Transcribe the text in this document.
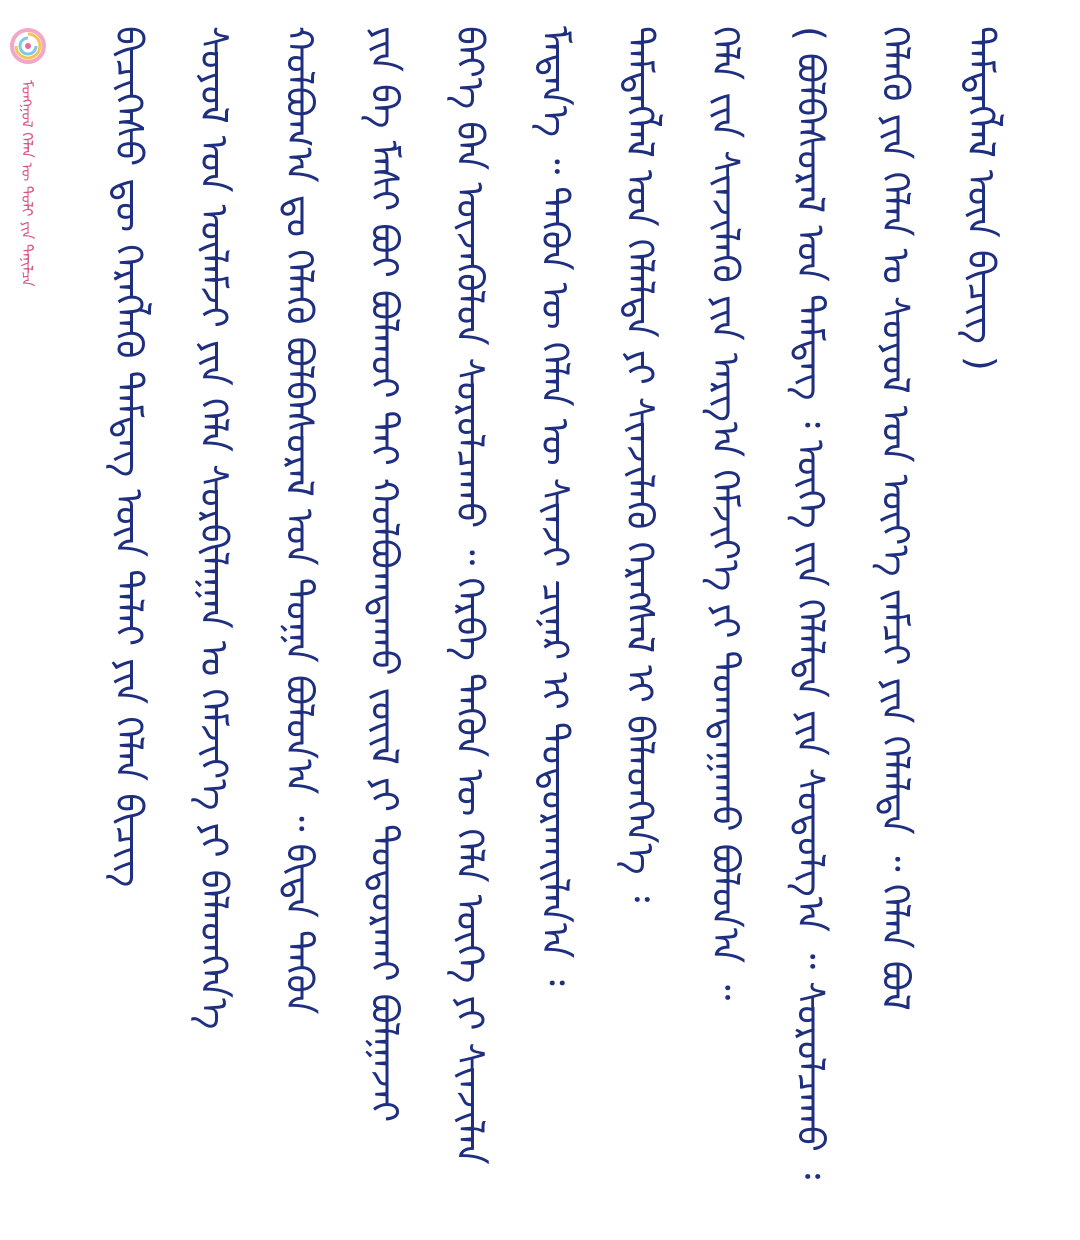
ᠮᠣᠩᠭᠣᠯ ᠬᠡᠯᠡᠨ ᠦ ᠲᠣᠯᠢ ᠶᠢᠨ ᠲᠠᠨᠢᠯᠴᠠ ᠪᠢᠴᠢᠭᠡᠰᠦ ᠳᠦ ᠬᠡᠷᠡᠭᠯᠡᠬᠦ ᠲᠡᠮᠳᠡᠭ ᠦᠨ ᠳᠠᠯᠠᠢ ᠶᠢᠨ ᠬᠡᠯᠡᠨ ᠪᠢᠴᠢᠭ ᠰᠣᠶᠣᠯ ᠤᠨ ᠦᠯᠡᠮᠵᠢ ᠶᠢᠨ ᠬᠡᠯᠡ ᠰᠣᠷᠪᠢᠯᠠᠭᠠᠨ ᠤ ᠬᠡᠮᠵᠢᠶ᠎ᠡ ᠶᠢ ᠪᠡᠯᠡᠳᠬᠡᠨ᠎ᠡ ᠬᠣᠯᠪᠣᠭ᠎ᠠ ᠳᠤ ᠬᠡᠯᠡᠬᠦ ᠪᠣᠯᠪᠠᠰᠤᠷᠠᠯ ᠤᠨ ᠲᠣᠭᠠ ᠪᠣᠯᠤᠨ᠎ᠠ ᠃ ᠪᠢᠳᠡ ᠲᠡᠭᠦᠨ ᠶᠢᠨ ᠪᠠ ᠮᠠᠰᠢ ᠪᠤᠢ ᠪᠣᠯᠬᠣᠢ ᠲᠠᠢ ᠬᠣᠯᠪᠣᠭᠳᠠᠬᠤ ᠵᠦᠢᠯ ᠶᠢ ᠲᠣᠳᠤᠷᠬᠠᠢ ᠪᠣᠯᠭᠠᠵᠠᠢ ᠪᠡᠶ᠎ᠡ ᠪᠡᠨ ᠦᠵᠡᠭᠦᠯᠦᠨ ᠰᠤᠷᠤᠯᠴᠠᠬᠤ ᠃ ᠬᠡᠷᠪᠡ ᠲᠡᠭᠦᠨ ᠦ ᠬᠡᠯᠡ ᠦᠭᠡ ᠶᠢ ᠰᠢᠨᠵᠢᠯᠡᠨ ᠮᠡᠳᠡᠨ᠎ᠡ ᠃ ᠲᠡᠭᠦᠨ ᠦ ᠬᠡᠯᠡᠨ ᠦ ᠰᠢᠨᠵᠢ ᠴᠢᠨᠠᠷ ᠢ ᠲᠣᠳᠤᠷᠬᠠᠢᠯᠠᠨ᠎ᠠ ᠄ ᠲᠡᠮᠳᠡᠭᠯᠡᠯ ᠤᠨ ᠬᠡᠯᠡᠯᠲᠡ ᠶᠢ ᠰᠢᠨᠵᠢᠯᠡᠬᠦ ᠬᠡᠷᠡᠭᠰᠡᠯ ᠢ ᠪᠡᠯᠡᠳᠬᠡᠨ᠎ᠡ ᠄ ᠬᠡᠯᠡ ᠵᠢᠨ ᠰᠢᠨᠵᠢᠯᠡᠬᠦ ᠶᠢᠨ ᠠᠷᠭ᠎ᠠ ᠬᠡᠮᠵᠢᠶ᠎ᠡ ᠶᠢ ᠲᠣᠭᠲᠠᠭᠠᠬᠤ ᠪᠣᠯᠤᠨ᠎ᠠ ᠃ ( ᠪᠣᠯᠪᠠᠰᠤᠷᠠᠯ ᠤᠨ ᠲᠡᠮᠳᠡᠭ ᠄ ᠦᠭᠡ ᠵᠢᠨ ᠬᠡᠯᠡᠯᠲᠡ ᠶᠢᠨ ᠰᠤᠳᠤᠯᠭ᠎ᠠ ᠃ ᠰᠤᠷᠤᠯᠴᠠᠬᠤ ᠄ ᠬᠡᠯᠡᠬᠦ ᠶᠢᠨ ᠬᠡᠯᠡᠨ ᠤ ᠰᠣᠶᠣᠯ ᠤᠨ ᠦᠶ᠎ᠡ ᠵᠠᠮᠴᠢ ᠶᠢᠨ ᠬᠡᠯᠡᠯᠲᠡ ᠃ ᠬᠡᠯᠡᠨ ᠪᠣᠯ ᠲᠡᠮᠳᠡᠭᠯᠡᠯ ᠦᠨ ᠪᠢᠴᠢᠭ )
